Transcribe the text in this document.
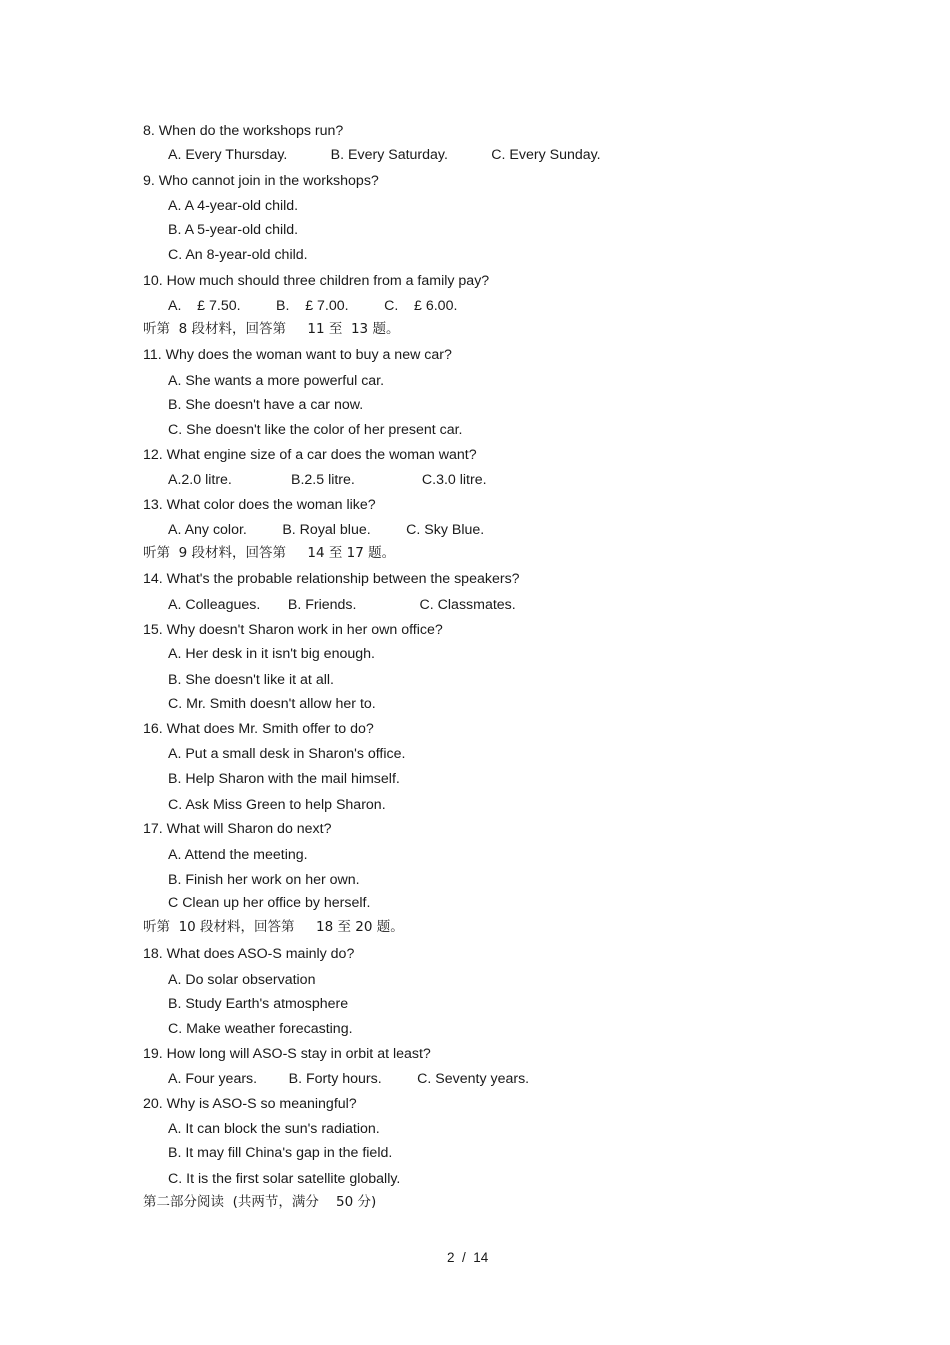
8. When do the workshops run?
A. Every Thursday.           B. Every Saturday.           C. Every Sunday.
9. Who cannot join in the workshops?
A. A 4-year-old child.
B. A 5-year-old child.
C. An 8-year-old child.
10. How much should three children from a family pay?
A.    £ 7.50.         B.    £ 7.00.         C.    £ 6.00.
听第  8 段材料，回答第     11 至  13 题。
11. Why does the woman want to buy a new car?
A. She wants a more powerful car.
B. She doesn't have a car now.
C. She doesn't like the color of her present car.
12. What engine size of a car does the woman want?
A.2.0 litre.               B.2.5 litre.                 C.3.0 litre.
13. What color does the woman like?
A. Any color.         B. Royal blue.         C. Sky Blue.
听第  9 段材料，回答第     14 至 17 题。
14. What's the probable relationship between the speakers?
A. Colleagues.       B. Friends.                C. Classmates.
15. Why doesn't Sharon work in her own office?
A. Her desk in it isn't big enough.
B. She doesn't like it at all.
C. Mr. Smith doesn't allow her to.
16. What does Mr. Smith offer to do?
A. Put a small desk in Sharon's office.
B. Help Sharon with the mail himself.
C. Ask Miss Green to help Sharon.
17. What will Sharon do next?
A. Attend the meeting.
B. Finish her work on her own.
C Clean up her office by herself.
听第  10 段材料，回答第     18 至 20 题。
18. What does ASO-S mainly do?
A. Do solar observation
B. Study Earth's atmosphere
C. Make weather forecasting.
19. How long will ASO-S stay in orbit at least?
A. Four years.        B. Forty hours.         C. Seventy years.
20. Why is ASO-S so meaningful?
A. It can block the sun's radiation.
B. It may fill China's gap in the field.
C. It is the first solar satellite globally.
第二部分阅读  (共两节，满分    50 分)
2  /  14
